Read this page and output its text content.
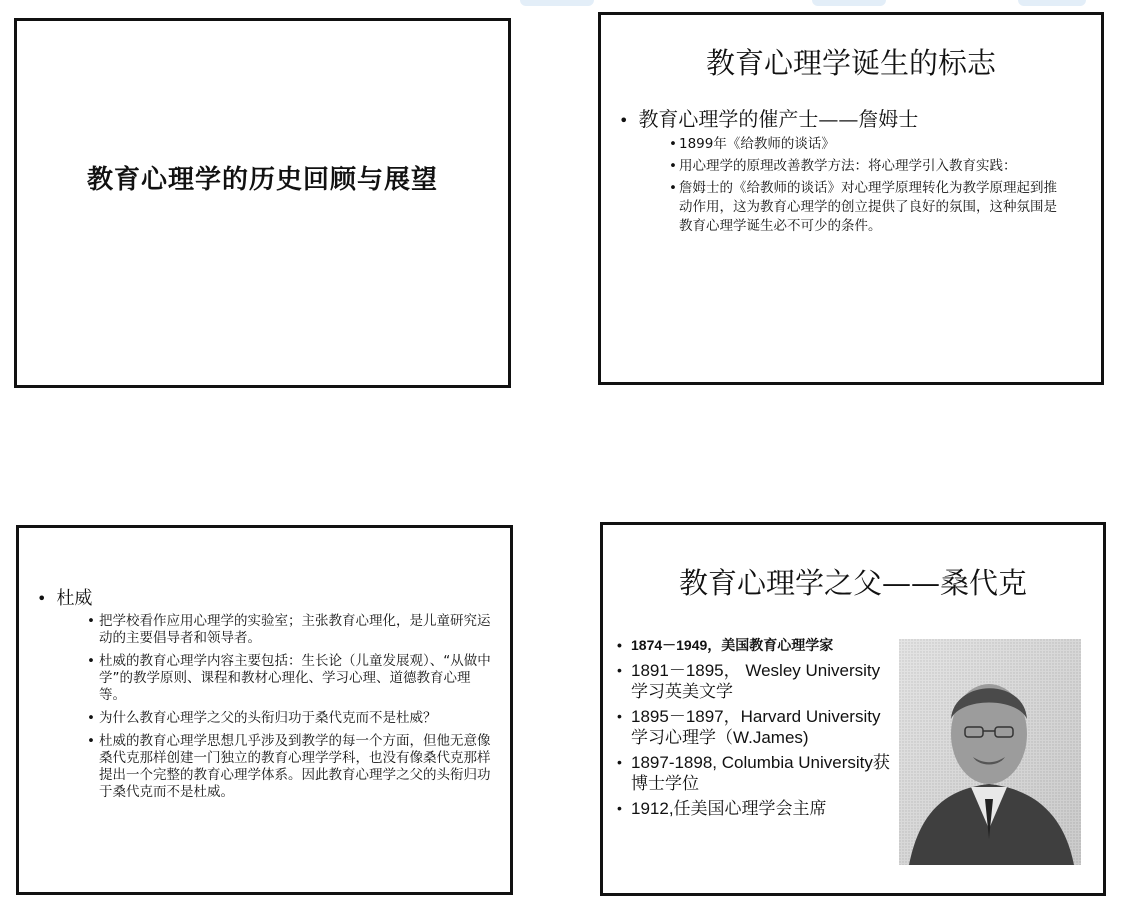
教育心理学的历史回顾与展望
教育心理学诞生的标志
• 教育心理学的催产士——詹姆士
• 1899年《给教师的谈话》
• 用心理学的原理改善教学方法：将心理学引入教育实践：
• 詹姆士的《给教师的谈话》对心理学原理转化为教学原理起到推动作用，这为教育心理学的创立提供了良好的氛围，这种氛围是教育心理学诞生必不可少的条件。
• 杜威
• 把学校看作应用心理学的实验室；主张教育心理化，是儿童研究运动的主要倡导者和领导者。
• 杜威的教育心理学内容主要包括：生长论（儿童发展观）、“从做中学”的教学原则、课程和教材心理化、学习心理、道德教育心理等。
• 为什么教育心理学之父的头衔归功于桑代克而不是杜威？
• 杜威的教育心理学思想几乎涉及到教学的每一个方面，但他无意像桑代克那样创建一门独立的教育心理学学科，也没有像桑代克那样提出一个完整的教育心理学体系。因此教育心理学之父的头衔归功于桑代克而不是杜威。
教育心理学之父——桑代克
• 1874－1949，美国教育心理学家
• 1891－1895， Wesley University学习英美文学
• 1895－1897，Harvard University学习心理学（W.James)
• 1897-1898, Columbia University获博士学位
• 1912,任美国心理学会主席
